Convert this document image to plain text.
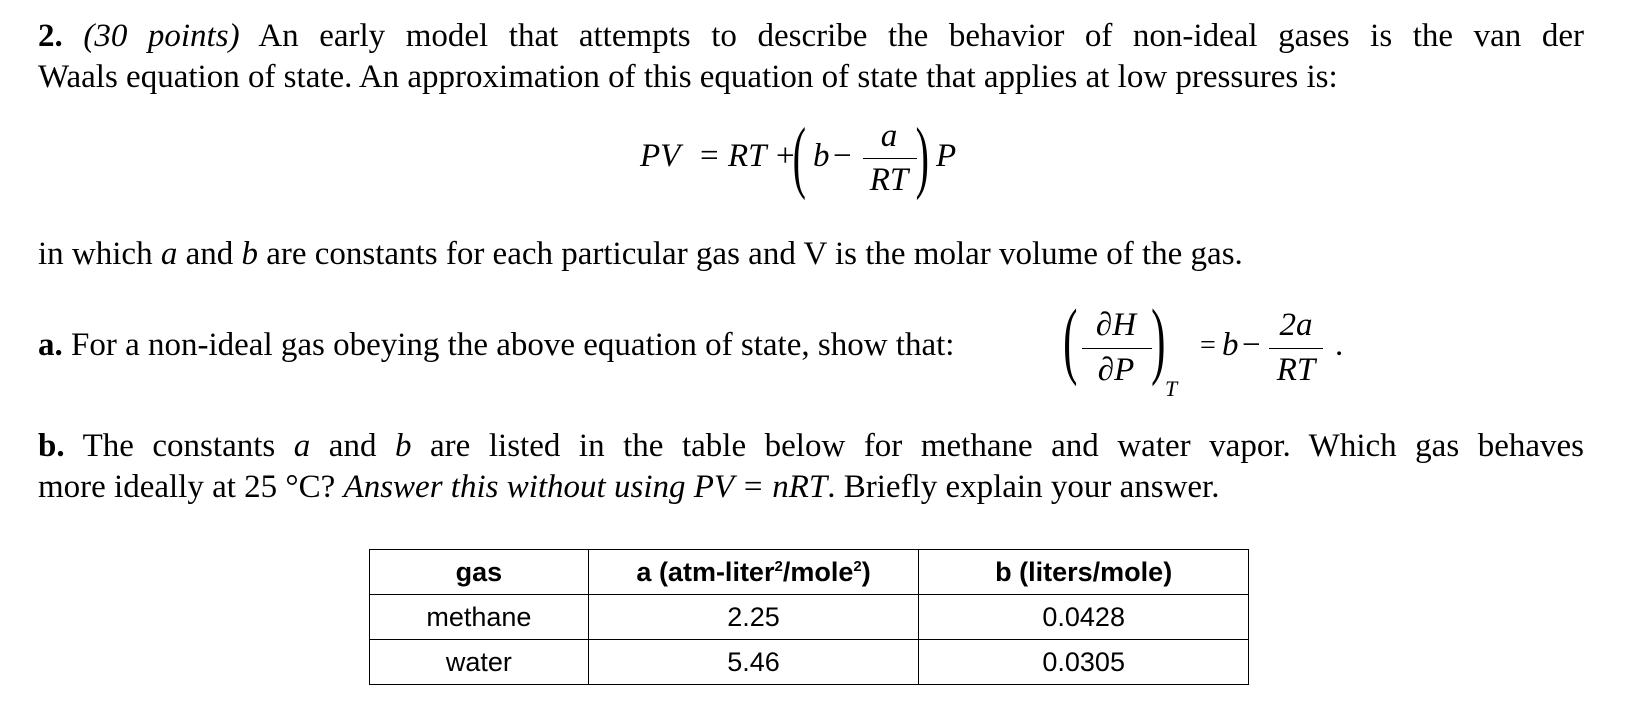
2. (30 points) An early model that attempts to describe the behavior of non-ideal gases is the van der
Waals equation of state. An approximation of this equation of state that applies at low pressures is:
PV = RT +
( b −
a
RT ) P
in which a and b are constants for each particular gas and V is the molar volume of the gas.
a. For a non-ideal gas obeying the above equation of state, show that: ( ∂H
∂P )
T
= b −
2a
RT
.
b. The constants a and b are listed in the table below for methane and water vapor. Which gas behaves
more ideally at 25 °C? Answer this without using PV = nRT. Briefly explain your answer.
gas	a (atm-liter$^2$/mole$^2$)	b (liters/mole)
methane	2.25	0.0428
water	5.46	0.0305
